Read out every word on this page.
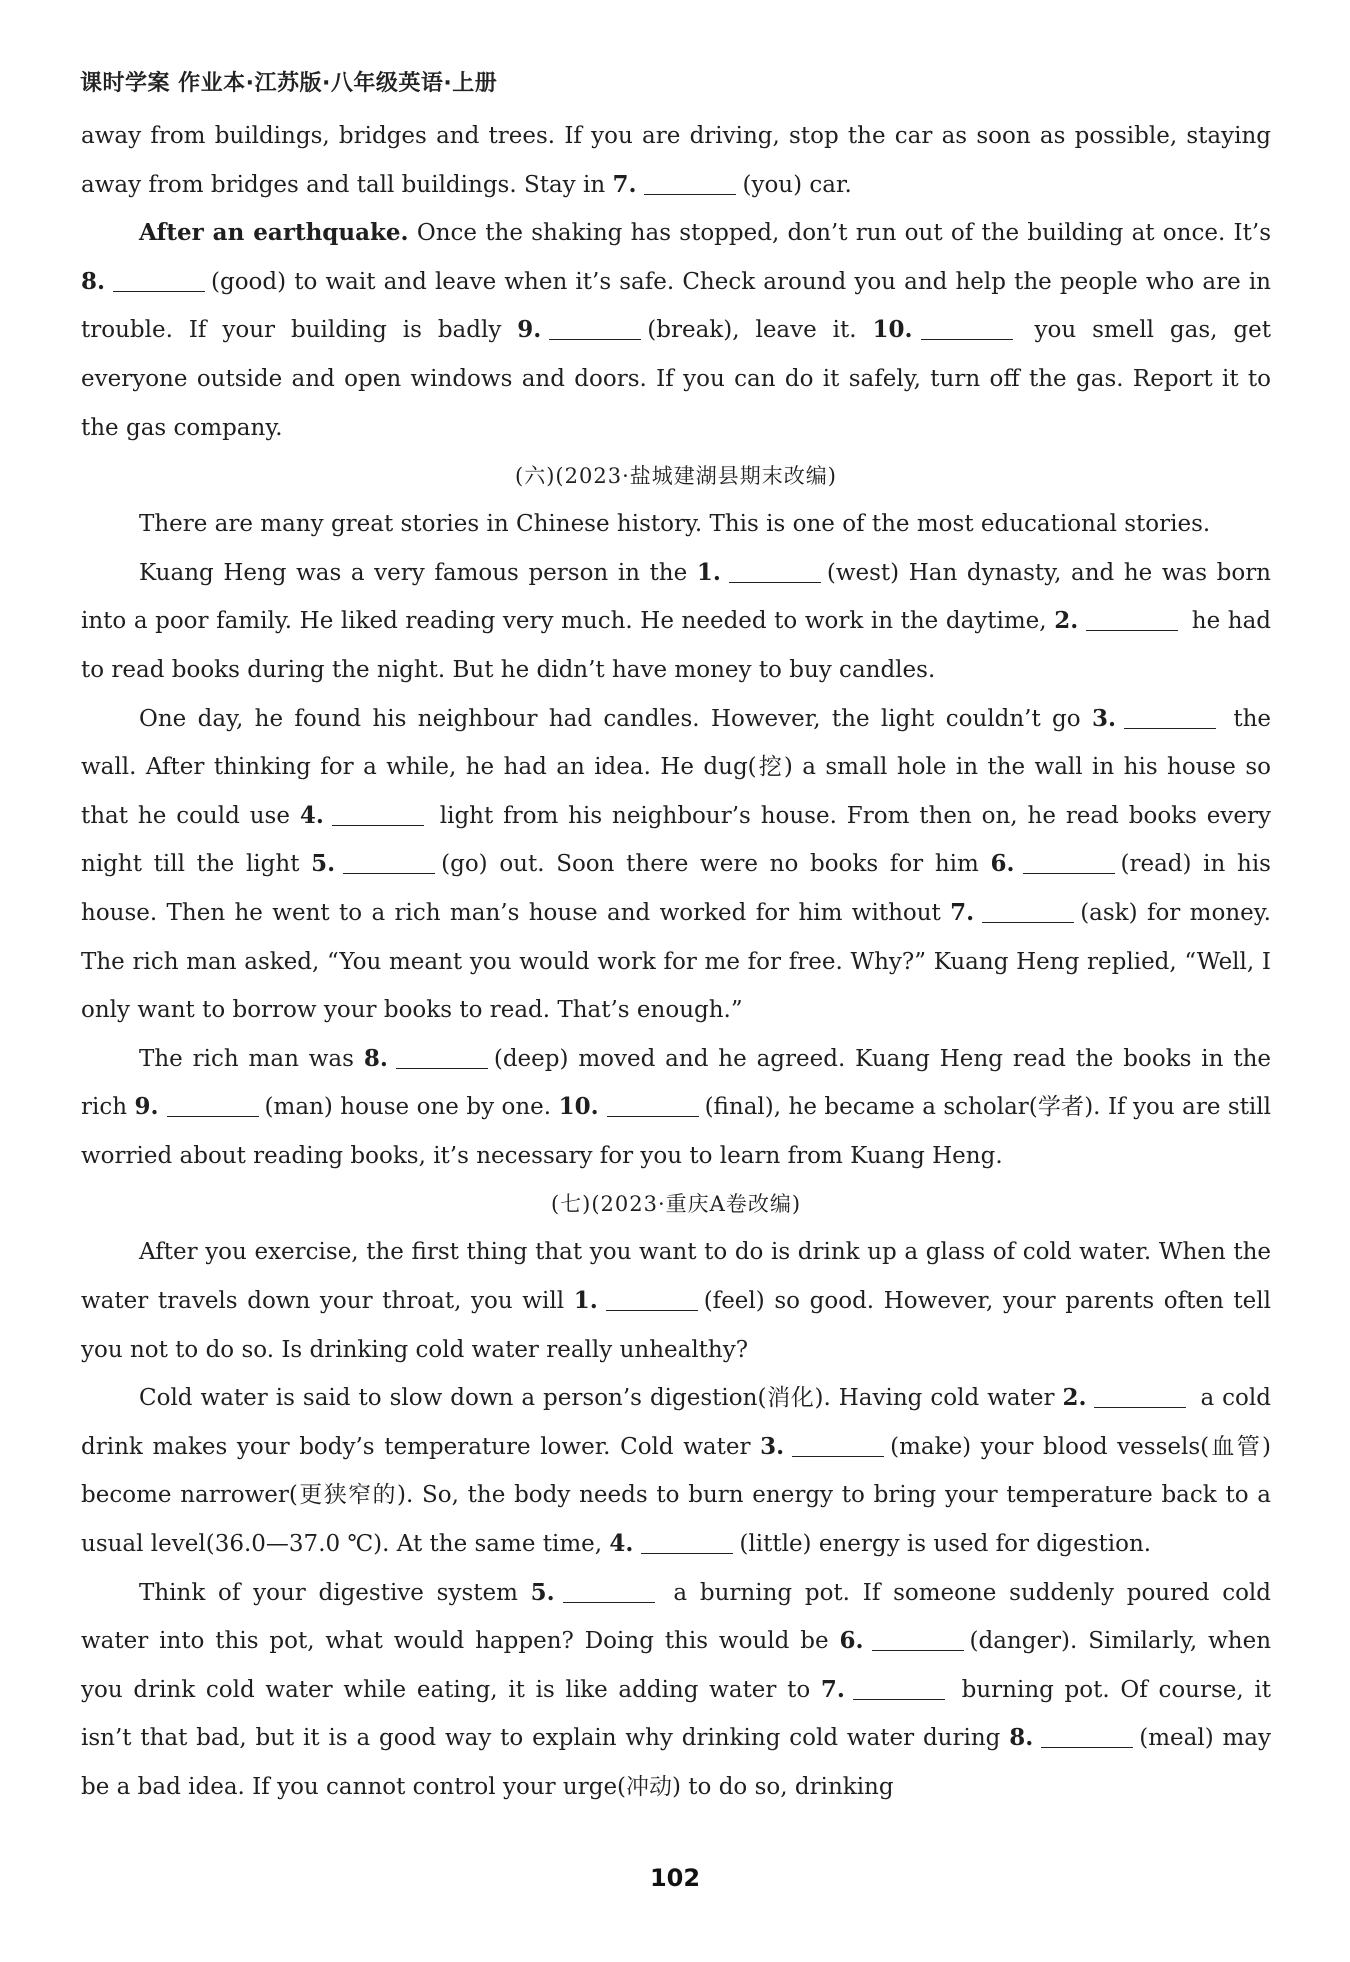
课时学案 作业本·江苏版·八年级英语·上册

away from buildings, bridges and trees. If you are driving, stop the car as soon as possible, staying away from bridges and tall buildings. Stay in 7.	(you) car.

After an earthquake. Once the shaking has stopped, don’t run out of the building at once. It’s 8.	(good) to wait and leave when it’s safe. Check around you and help the people who are in trouble. If your building is badly 9.	(break), leave it. 10.	you smell gas, get everyone outside and open windows and doors. If you can do it safely, turn off the gas. Report it to the gas company.

(六)(2023·盐城建湖县期末改编)

There are many great stories in Chinese history. This is one of the most educational stories.

Kuang Heng was a very famous person in the 1.	(west) Han dynasty, and he was born into a poor family. He liked reading very much. He needed to work in the daytime, 2.	he had to read books during the night. But he didn’t have money to buy candles.

One day, he found his neighbour had candles. However, the light couldn’t go 3.	the wall. After thinking for a while, he had an idea. He dug(挖) a small hole in the wall in his house so that he could use 4.	light from his neighbour’s house. From then on, he read books every night till the light 5.	(go) out. Soon there were no books for him 6.	(read) in his house. Then he went to a rich man’s house and worked for him without 7.	(ask) for money. The rich man asked, “You meant you would work for me for free. Why?” Kuang Heng replied, “Well, I only want to borrow your books to read. That’s enough.”

The rich man was 8.	(deep) moved and he agreed. Kuang Heng read the books in the rich 9.	(man) house one by one. 10.	(final), he became a scholar(学者). If you are still worried about reading books, it’s necessary for you to learn from Kuang Heng.

(七)(2023·重庆A卷改编)

After you exercise, the first thing that you want to do is drink up a glass of cold water. When the water travels down your throat, you will 1.	(feel) so good. However, your parents often tell you not to do so. Is drinking cold water really unhealthy?

Cold water is said to slow down a person’s digestion(消化). Having cold water 2.	a cold drink makes your body’s temperature lower. Cold water 3.	(make) your blood vessels(血管) become narrower(更狭窄的). So, the body needs to burn energy to bring your temperature back to a usual level(36.0—37.0 ℃). At the same time, 4.	(little) energy is used for digestion.

Think of your digestive system 5.	a burning pot. If someone suddenly poured cold water into this pot, what would happen? Doing this would be 6.	(danger). Similarly, when you drink cold water while eating, it is like adding water to 7.	burning pot. Of course, it isn’t that bad, but it is a good way to explain why drinking cold water during 8.	(meal) may be a bad idea. If you cannot control your urge(冲动) to do so, drinking

102
